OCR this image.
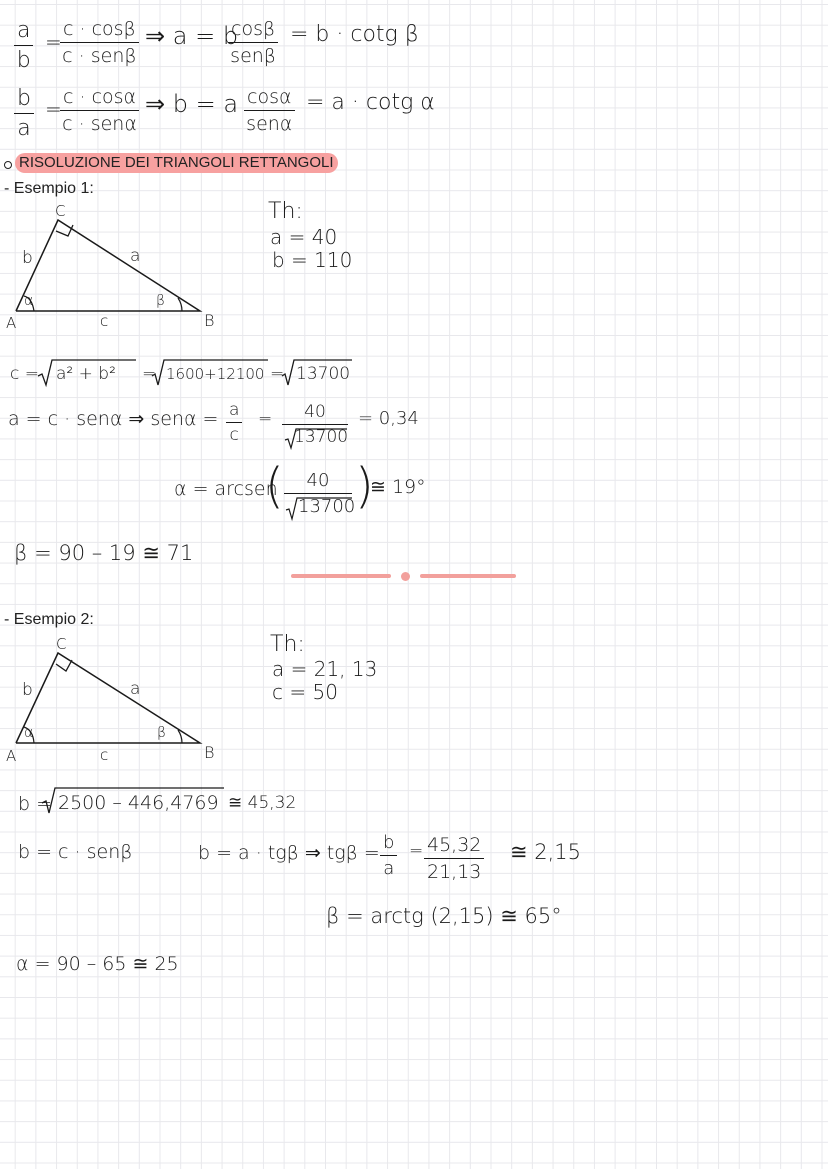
$\frac{a}{b}$ =
c · cosβ
c · senβ
⇒ a = b
cosβ
senβ
= b · cotg β
$\frac{b}{a} = c \cdot \cos\alpha$
c · senα
⇒ b = a cosα
senα
= a · cotg α
RISOLUZIONE DEI TRIANGOLI RETTANGOLI
- Esempio 1:
C
b	a
α	β
A	c	B
Th:
a = 40
b = 110
c = a² + b² = 1600+12100 = 13700
a = c · senα ⇒ $sen\alpha = \frac{a}{c} = \frac{40}{13700} = 0,34$
α = arcsen
( $\frac{40}{13700}$ )
≅ 19°
β = 90 – 19 ≅ 71
- Esempio 2:
C
b	a
α	β
A	c	B
Th:
a = 21, 13
c = 50
b = 2500 – 446,4769 ≅ 45,32
b = c · senβ	b = a · tgβ ⇒ $tg\beta = \frac{b}{a} = \frac{45,32}{21,13}$ ≅ 2,15
β = arctg (2,15) ≅ 65°
α = 90 – 65 ≅ 25
